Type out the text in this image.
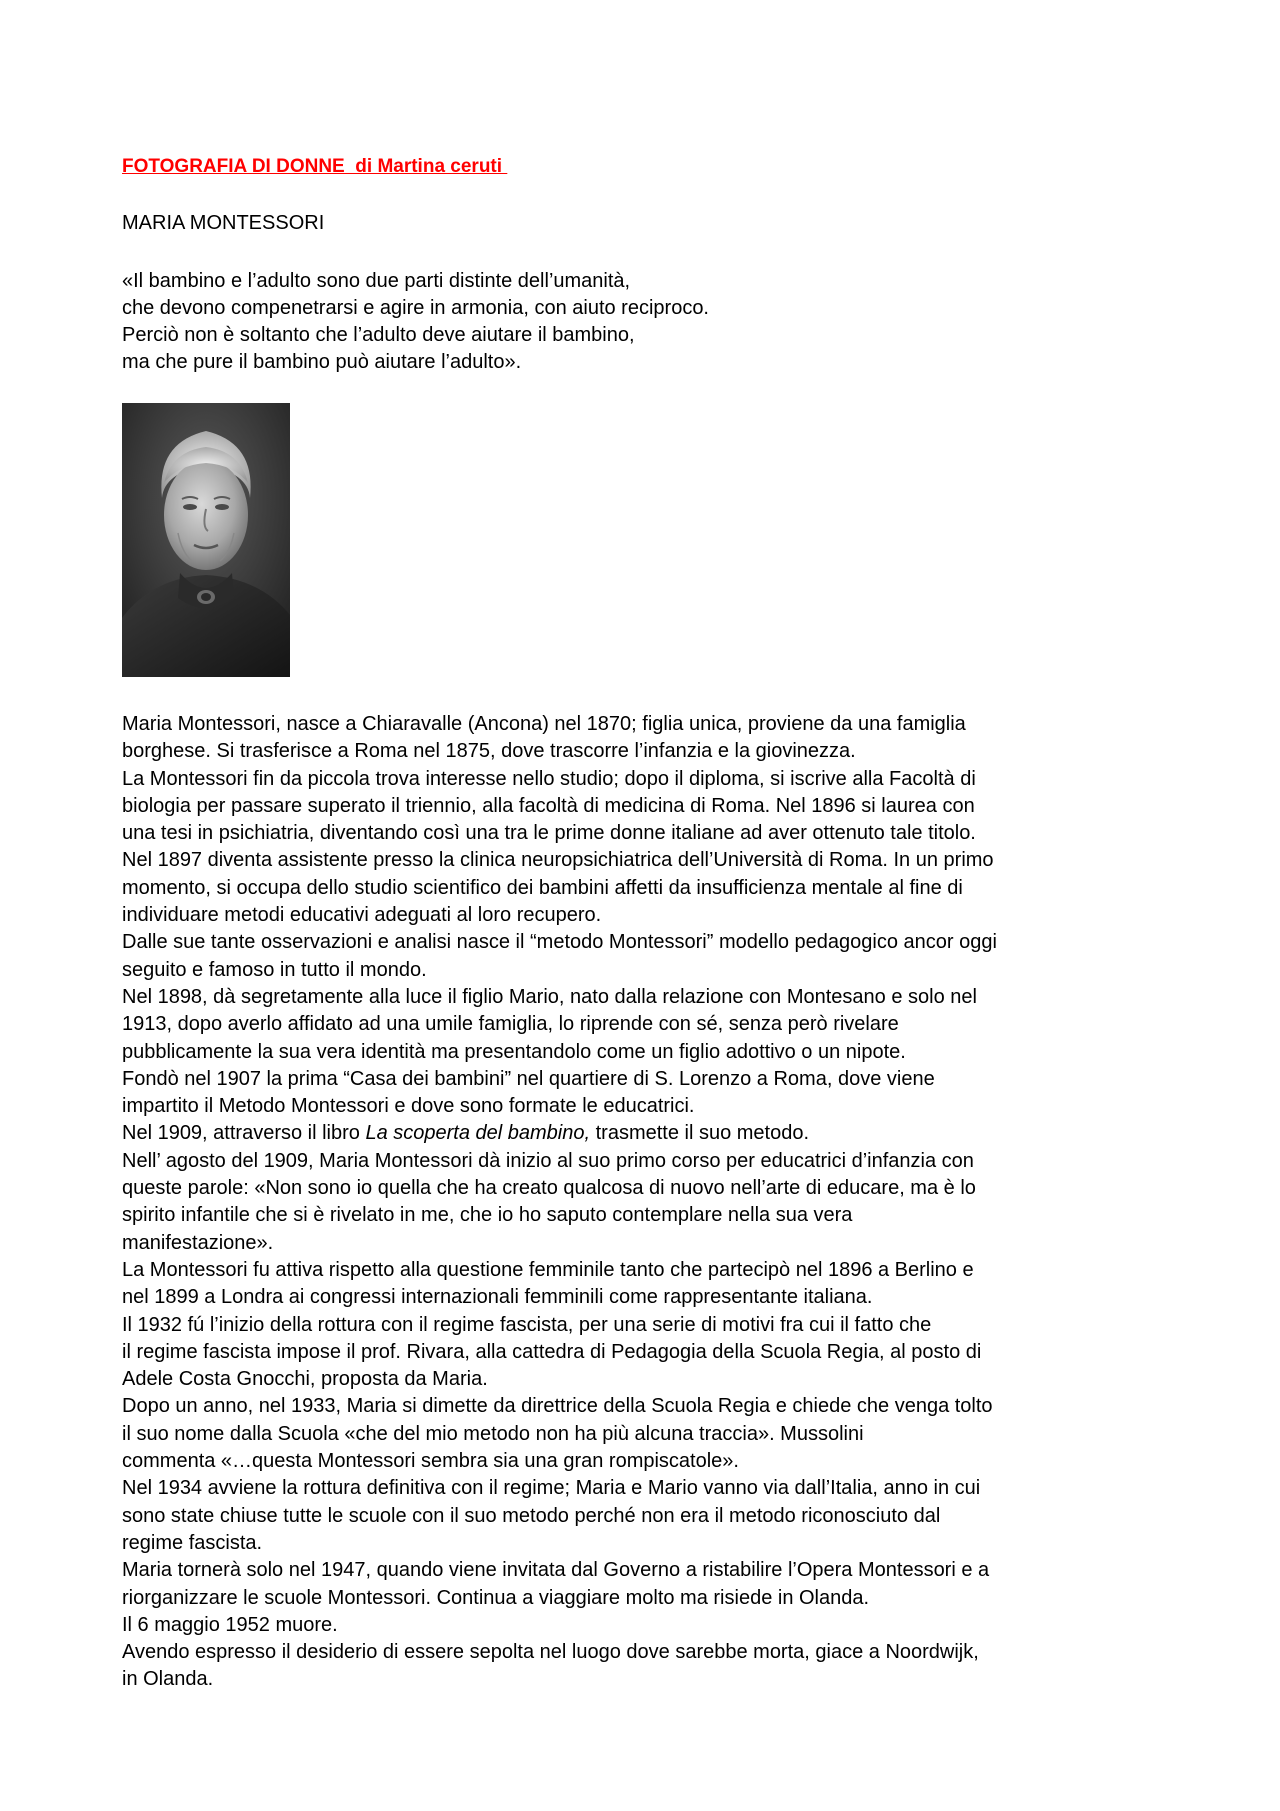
FOTOGRAFIA DI DONNE  di Martina ceruti

MARIA MONTESSORI

«Il bambino e l’adulto sono due parti distinte dell’umanità,
che devono compenetrarsi e agire in armonia, con aiuto reciproco.
Perciò non è soltanto che l’adulto deve aiutare il bambino,
ma che pure il bambino può aiutare l’adulto».

Maria Montessori, nasce a Chiaravalle (Ancona) nel 1870; figlia unica, proviene da una famiglia
borghese. Si trasferisce a Roma nel 1875, dove trascorre l’infanzia e la giovinezza.
La Montessori fin da piccola trova interesse nello studio; dopo il diploma, si iscrive alla Facoltà di
biologia per passare superato il triennio, alla facoltà di medicina di Roma. Nel 1896 si laurea con
una tesi in psichiatria, diventando così una tra le prime donne italiane ad aver ottenuto tale titolo.
Nel 1897 diventa assistente presso la clinica neuropsichiatrica dell’Università di Roma. In un primo
momento, si occupa dello studio scientifico dei bambini affetti da insufficienza mentale al fine di
individuare metodi educativi adeguati al loro recupero.
Dalle sue tante osservazioni e analisi nasce il “metodo Montessori” modello pedagogico ancor oggi
seguito e famoso in tutto il mondo.
Nel 1898, dà segretamente alla luce il figlio Mario, nato dalla relazione con Montesano e solo nel
1913, dopo averlo affidato ad una umile famiglia, lo riprende con sé, senza però rivelare
pubblicamente la sua vera identità ma presentandolo come un figlio adottivo o un nipote.
Fondò nel 1907 la prima “Casa dei bambini” nel quartiere di S. Lorenzo a Roma, dove viene
impartito il Metodo Montessori e dove sono formate le educatrici.
Nel 1909, attraverso il libro La scoperta del bambino, trasmette il suo metodo.
Nell’ agosto del 1909, Maria Montessori dà inizio al suo primo corso per educatrici d’infanzia con
queste parole: «Non sono io quella che ha creato qualcosa di nuovo nell’arte di educare, ma è lo
spirito infantile che si è rivelato in me, che io ho saputo contemplare nella sua vera
manifestazione».
La Montessori fu attiva rispetto alla questione femminile tanto che partecipò nel 1896 a Berlino e
nel 1899 a Londra ai congressi internazionali femminili come rappresentante italiana.
Il 1932 fú l’inizio della rottura con il regime fascista, per una serie di motivi fra cui il fatto che
il regime fascista impose il prof. Rivara, alla cattedra di Pedagogia della Scuola Regia, al posto di
Adele Costa Gnocchi, proposta da Maria.
Dopo un anno, nel 1933, Maria si dimette da direttrice della Scuola Regia e chiede che venga tolto
il suo nome dalla Scuola «che del mio metodo non ha più alcuna traccia». Mussolini
commenta «…questa Montessori sembra sia una gran rompiscatole».
Nel 1934 avviene la rottura definitiva con il regime; Maria e Mario vanno via dall’Italia, anno in cui
sono state chiuse tutte le scuole con il suo metodo perché non era il metodo riconosciuto dal
regime fascista.
Maria tornerà solo nel 1947, quando viene invitata dal Governo a ristabilire l’Opera Montessori e a
riorganizzare le scuole Montessori. Continua a viaggiare molto ma risiede in Olanda.
Il 6 maggio 1952 muore.
Avendo espresso il desiderio di essere sepolta nel luogo dove sarebbe morta, giace a Noordwijk,
in Olanda.
